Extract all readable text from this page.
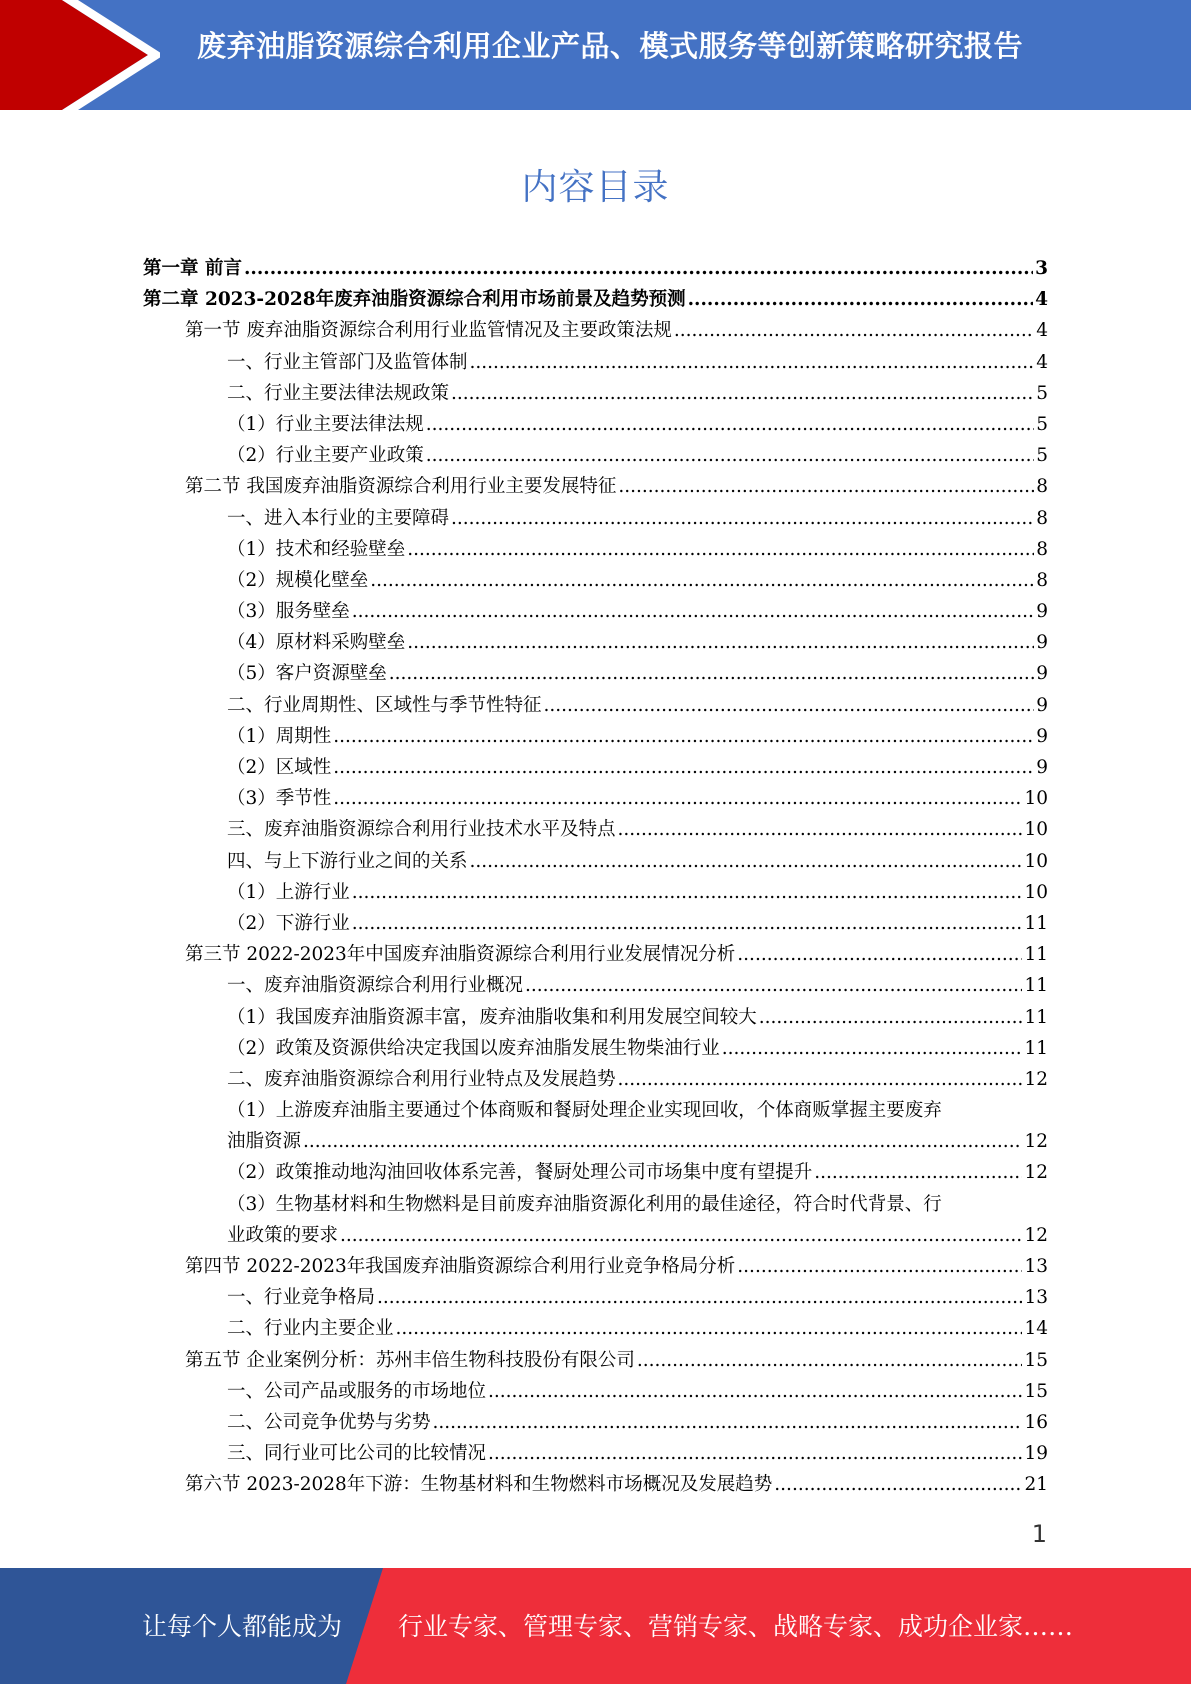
废弃油脂资源综合利用企业产品、模式服务等创新策略研究报告
内容目录
第一章 前言 .....	3
第二章 2023-2028年废弃油脂资源综合利用市场前景及趋势预测 .....	4
第一节 废弃油脂资源综合利用行业监管情况及主要政策法规 .....	4
一、行业主管部门及监管体制 .....	4
二、行业主要法律法规政策 .....	5
（1）行业主要法律法规 .....	5
（2）行业主要产业政策 .....	5
第二节 我国废弃油脂资源综合利用行业主要发展特征 .....	8
一、进入本行业的主要障碍 .....	8
（1）技术和经验壁垒 .....	8
（2）规模化壁垒 .....	8
（3）服务壁垒 .....	9
（4）原材料采购壁垒 .....	9
（5）客户资源壁垒 .....	9
二、行业周期性、区域性与季节性特征 .....	9
（1）周期性 .....	9
（2）区域性 .....	9
（3）季节性 .....	10
三、废弃油脂资源综合利用行业技术水平及特点 .....	10
四、与上下游行业之间的关系 .....	10
（1）上游行业 .....	10
（2）下游行业 .....	11
第三节 2022-2023年中国废弃油脂资源综合利用行业发展情况分析 .....	11
一、废弃油脂资源综合利用行业概况 .....	11
（1）我国废弃油脂资源丰富，废弃油脂收集和利用发展空间较大 .....	11
（2）政策及资源供给决定我国以废弃油脂发展生物柴油行业 .....	11
二、废弃油脂资源综合利用行业特点及发展趋势 .....	12
（1）上游废弃油脂主要通过个体商贩和餐厨处理企业实现回收，个体商贩掌握主要废弃
油脂资源 .....	12
（2）政策推动地沟油回收体系完善，餐厨处理公司市场集中度有望提升 .....	12
（3）生物基材料和生物燃料是目前废弃油脂资源化利用的最佳途径，符合时代背景、行
业政策的要求 .....	12
第四节 2022-2023年我国废弃油脂资源综合利用行业竞争格局分析 .....	13
一、行业竞争格局 .....	13
二、行业内主要企业 .....	14
第五节 企业案例分析：苏州丰倍生物科技股份有限公司 .....	15
一、公司产品或服务的市场地位 .....	15
二、公司竞争优势与劣势 .....	16
三、同行业可比公司的比较情况 .....	19
第六节 2023-2028年下游：生物基材料和生物燃料市场概况及发展趋势 .....	21
1
让每个人都能成为 行业专家、管理专家、营销专家、战略专家、成功企业家……
